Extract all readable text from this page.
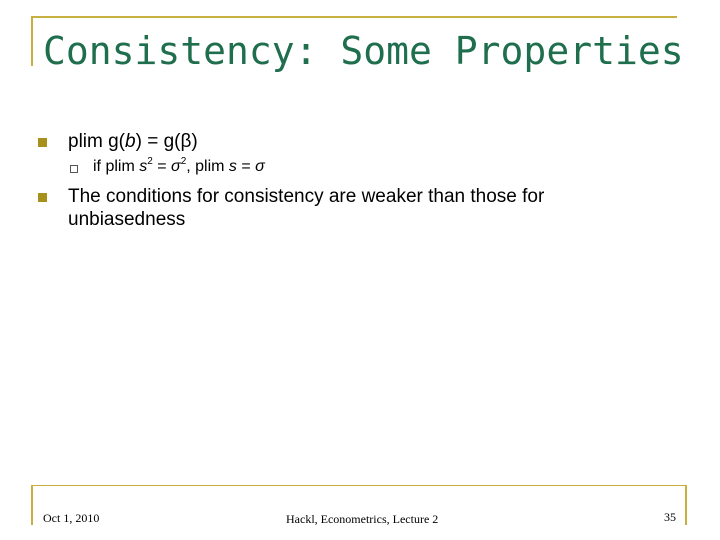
Consistency: Some Properties
plim g(b) = g(β)
if plim $s^2 = \sigma^2$, plim s = σ
The conditions for consistency are weaker than those for
unbiasedness
Oct 1, 2010	Hackl, Econometrics, Lecture 2	35
